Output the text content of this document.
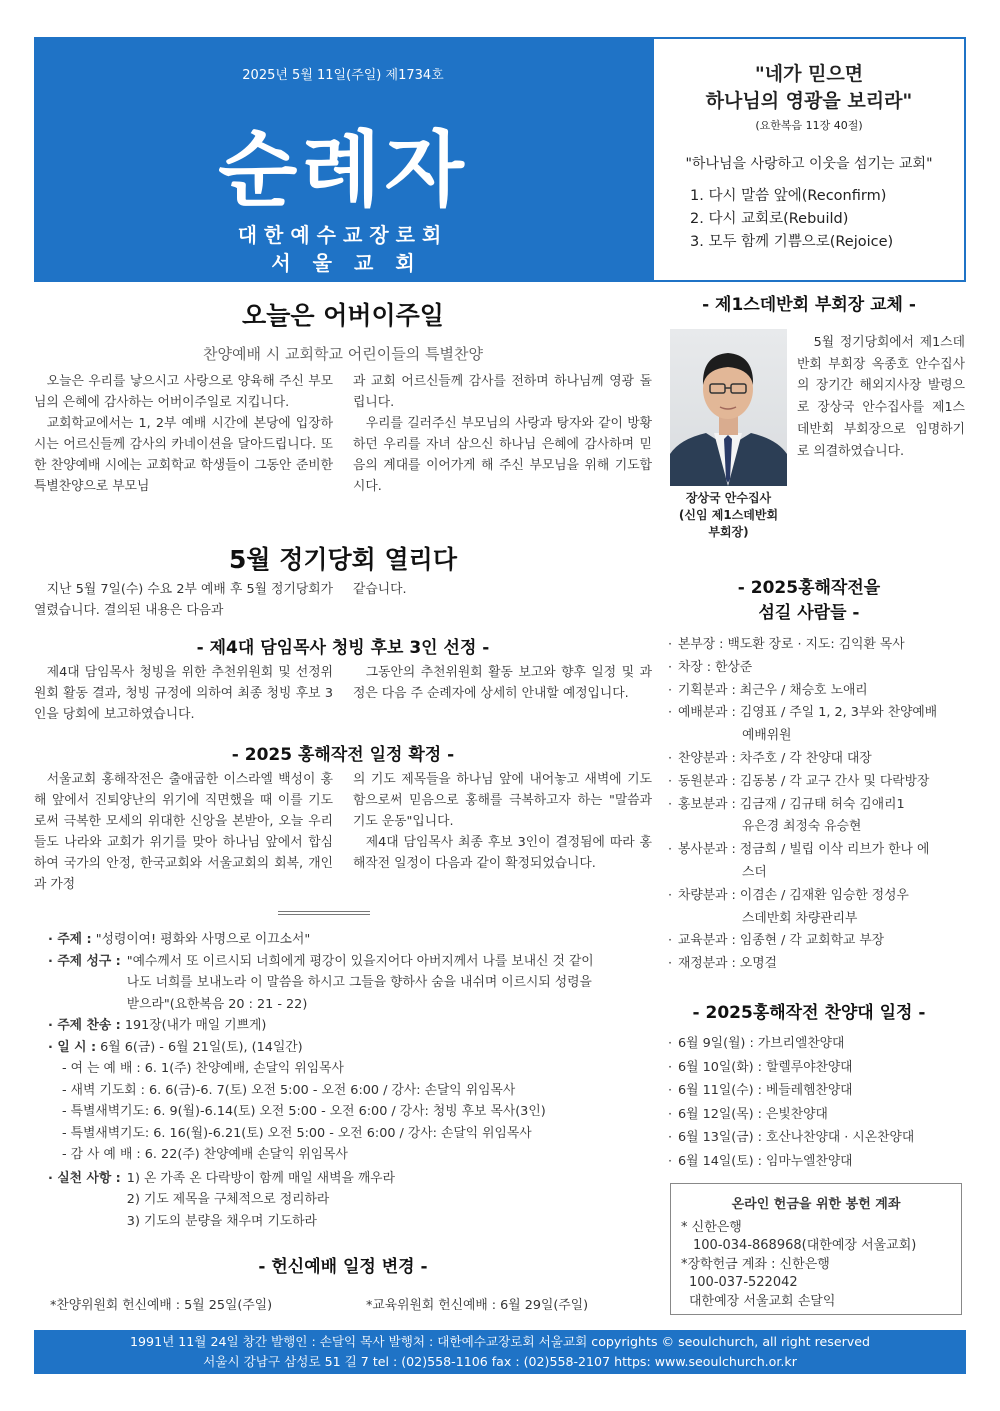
2025년 5월 11일(주일) 제1734호
순례자
대한예수교장로회
서울교회
"네가 믿으면
하나님의 영광을 보리라"
(요한복음 11장 40절)
"하나님을 사랑하고 이웃을 섬기는 교회"
1. 다시 말씀 앞에(Reconfirm)
2. 다시 교회로(Rebuild)
3. 모두 함께 기쁨으로(Rejoice)
오늘은 어버이주일
찬양예배 시 교회학교 어린이들의 특별찬양

오늘은 우리를 낳으시고 사랑으로 양육해 주신 부모님의 은혜에 감사하는 어버이주일로 지킵니다.

교회학교에서는 1, 2부 예배 시간에 본당에 입장하시는 어르신들께 감사의 카네이션을 달아드립니다. 또한 찬양예배 시에는 교회학교 학생들이 그동안 준비한 특별찬양으로 부모님

과 교회 어르신들께 감사를 전하며 하나님께 영광 돌립니다.

우리를 길러주신 부모님의 사랑과 탕자와 같이 방황하던 우리를 자녀 삼으신 하나님 은혜에 감사하며 믿음의 계대를 이어가게 해 주신 부모님을 위해 기도합시다.

5월 정기당회 열리다

지난 5월 7일(수) 수요 2부 예배 후 5월 정기당회가 열렸습니다. 결의된 내용은 다음과

같습니다.

- 제4대 담임목사 청빙 후보 3인 선정 -

제4대 담임목사 청빙을 위한 추천위원회 및 선정위원회 활동 결과, 청빙 규정에 의하여 최종 청빙 후보 3인을 당회에 보고하였습니다.

그동안의 추천위원회 활동 보고와 향후 일정 및 과정은 다음 주 순례자에 상세히 안내할 예정입니다.

- 2025 홍해작전 일정 확정 -

서울교회 홍해작전은 출애굽한 이스라엘 백성이 홍해 앞에서 진퇴양난의 위기에 직면했을 때 이를 기도로써 극복한 모세의 위대한 신앙을 본받아, 오늘 우리들도 나라와 교회가 위기를 맞아 하나님 앞에서 합심하여 국가의 안정, 한국교회와 서울교회의 회복, 개인과 가정

의 기도 제목들을 하나님 앞에 내어놓고 새벽에 기도함으로써 믿음으로 홍해를 극복하고자 하는 "말씀과 기도 운동"입니다.

제4대 담임목사 최종 후보 3인이 결정됨에 따라 홍해작전 일정이 다음과 같이 확정되었습니다.

· 주제 : "성령이여! 평화와 사명으로 이끄소서"
· 주제 성구 : "예수께서 또 이르시되 너희에게 평강이 있을지어다 아버지께서 나를 보내신 것 같이 나도 너희를 보내노라 이 말씀을 하시고 그들을 향하사 숨을 내쉬며 이르시되 성령을 받으라"(요한복음 20 : 21 - 22)
· 주제 찬송 : 191장(내가 매일 기쁘게)
· 일 시 : 6월 6(금) - 6월 21일(토), (14일간)
- 여 는 예 배 : 6. 1(주) 찬양예배, 손달익 위임목사
- 새벽 기도회 : 6. 6(금)-6. 7(토) 오전 5:00 - 오전 6:00 / 강사: 손달익 위임목사
- 특별새벽기도: 6. 9(월)-6.14(토) 오전 5:00 - 오전 6:00 / 강사: 청빙 후보 목사(3인)
- 특별새벽기도: 6. 16(월)-6.21(토) 오전 5:00 - 오전 6:00 / 강사: 손달익 위임목사
- 감 사 예 배 : 6. 22(주) 찬양예배 손달익 위임목사
· 실천 사항 : 1) 온 가족 온 다락방이 함께 매일 새벽을 깨우라
2) 기도 제목을 구체적으로 정리하라
3) 기도의 분량을 채우며 기도하라
- 헌신예배 일정 변경 -
*찬양위원회 헌신예배 : 5월 25일(주일)	*교육위원회 헌신예배 : 6월 29일(주일)
- 제1스데반회 부회장 교체 -
5월 정기당회에서 제1스데반회 부회장 옥종호 안수집사의 장기간 해외지사장 발령으로 장상국 안수집사를 제1스데반회 부회장으로 임명하기로 의결하였습니다.
장상국 안수집사
(신임 제1스데반회
부회장)
- 2025홍해작전을
섬길 사람들 -
· 본부장 : 백도환 장로 · 지도: 김익환 목사
· 차장 : 한상준
· 기획분과 : 최근우 / 채승호 노애리
· 예배분과 : 김영표 / 주일 1, 2, 3부와 찬양예배
예배위원
· 찬양분과 : 차주호 / 각 찬양대 대장
· 동원분과 : 김동봉 / 각 교구 간사 및 다락방장
· 홍보분과 : 김금재 / 김규태 허숙 김애리1
유은경 최정숙 유승현
· 봉사분과 : 정금희 / 빌립 이삭 리브가 한나 에
스더
· 차량분과 : 이겸손 / 김재환 임승한 정성우
스데반회 차량관리부
· 교육분과 : 임종현 / 각 교회학교 부장
· 재정분과 : 오명걸
- 2025홍해작전 찬양대 일정 -
· 6월 9일(월) : 가브리엘찬양대
· 6월 10일(화) : 할렐루야찬양대
· 6월 11일(수) : 베들레헴찬양대
· 6월 12일(목) : 은빛찬양대
· 6월 13일(금) : 호산나찬양대 · 시온찬양대
· 6월 14일(토) : 임마누엘찬양대
온라인 헌금을 위한 봉헌 계좌
* 신한은행
100-034-868968(대한예장 서울교회)
*장학헌금 계좌 : 신한은행
100-037-522042
대한예장 서울교회 손달익
1991년 11월 24일 창간 발행인 : 손달익 목사 발행처 : 대한예수교장로회 서울교회 copyrights © seoulchurch, all right reserved
서울시 강남구 삼성로 51 길 7 tel : (02)558-1106 fax : (02)558-2107 https: www.seoulchurch.or.kr
